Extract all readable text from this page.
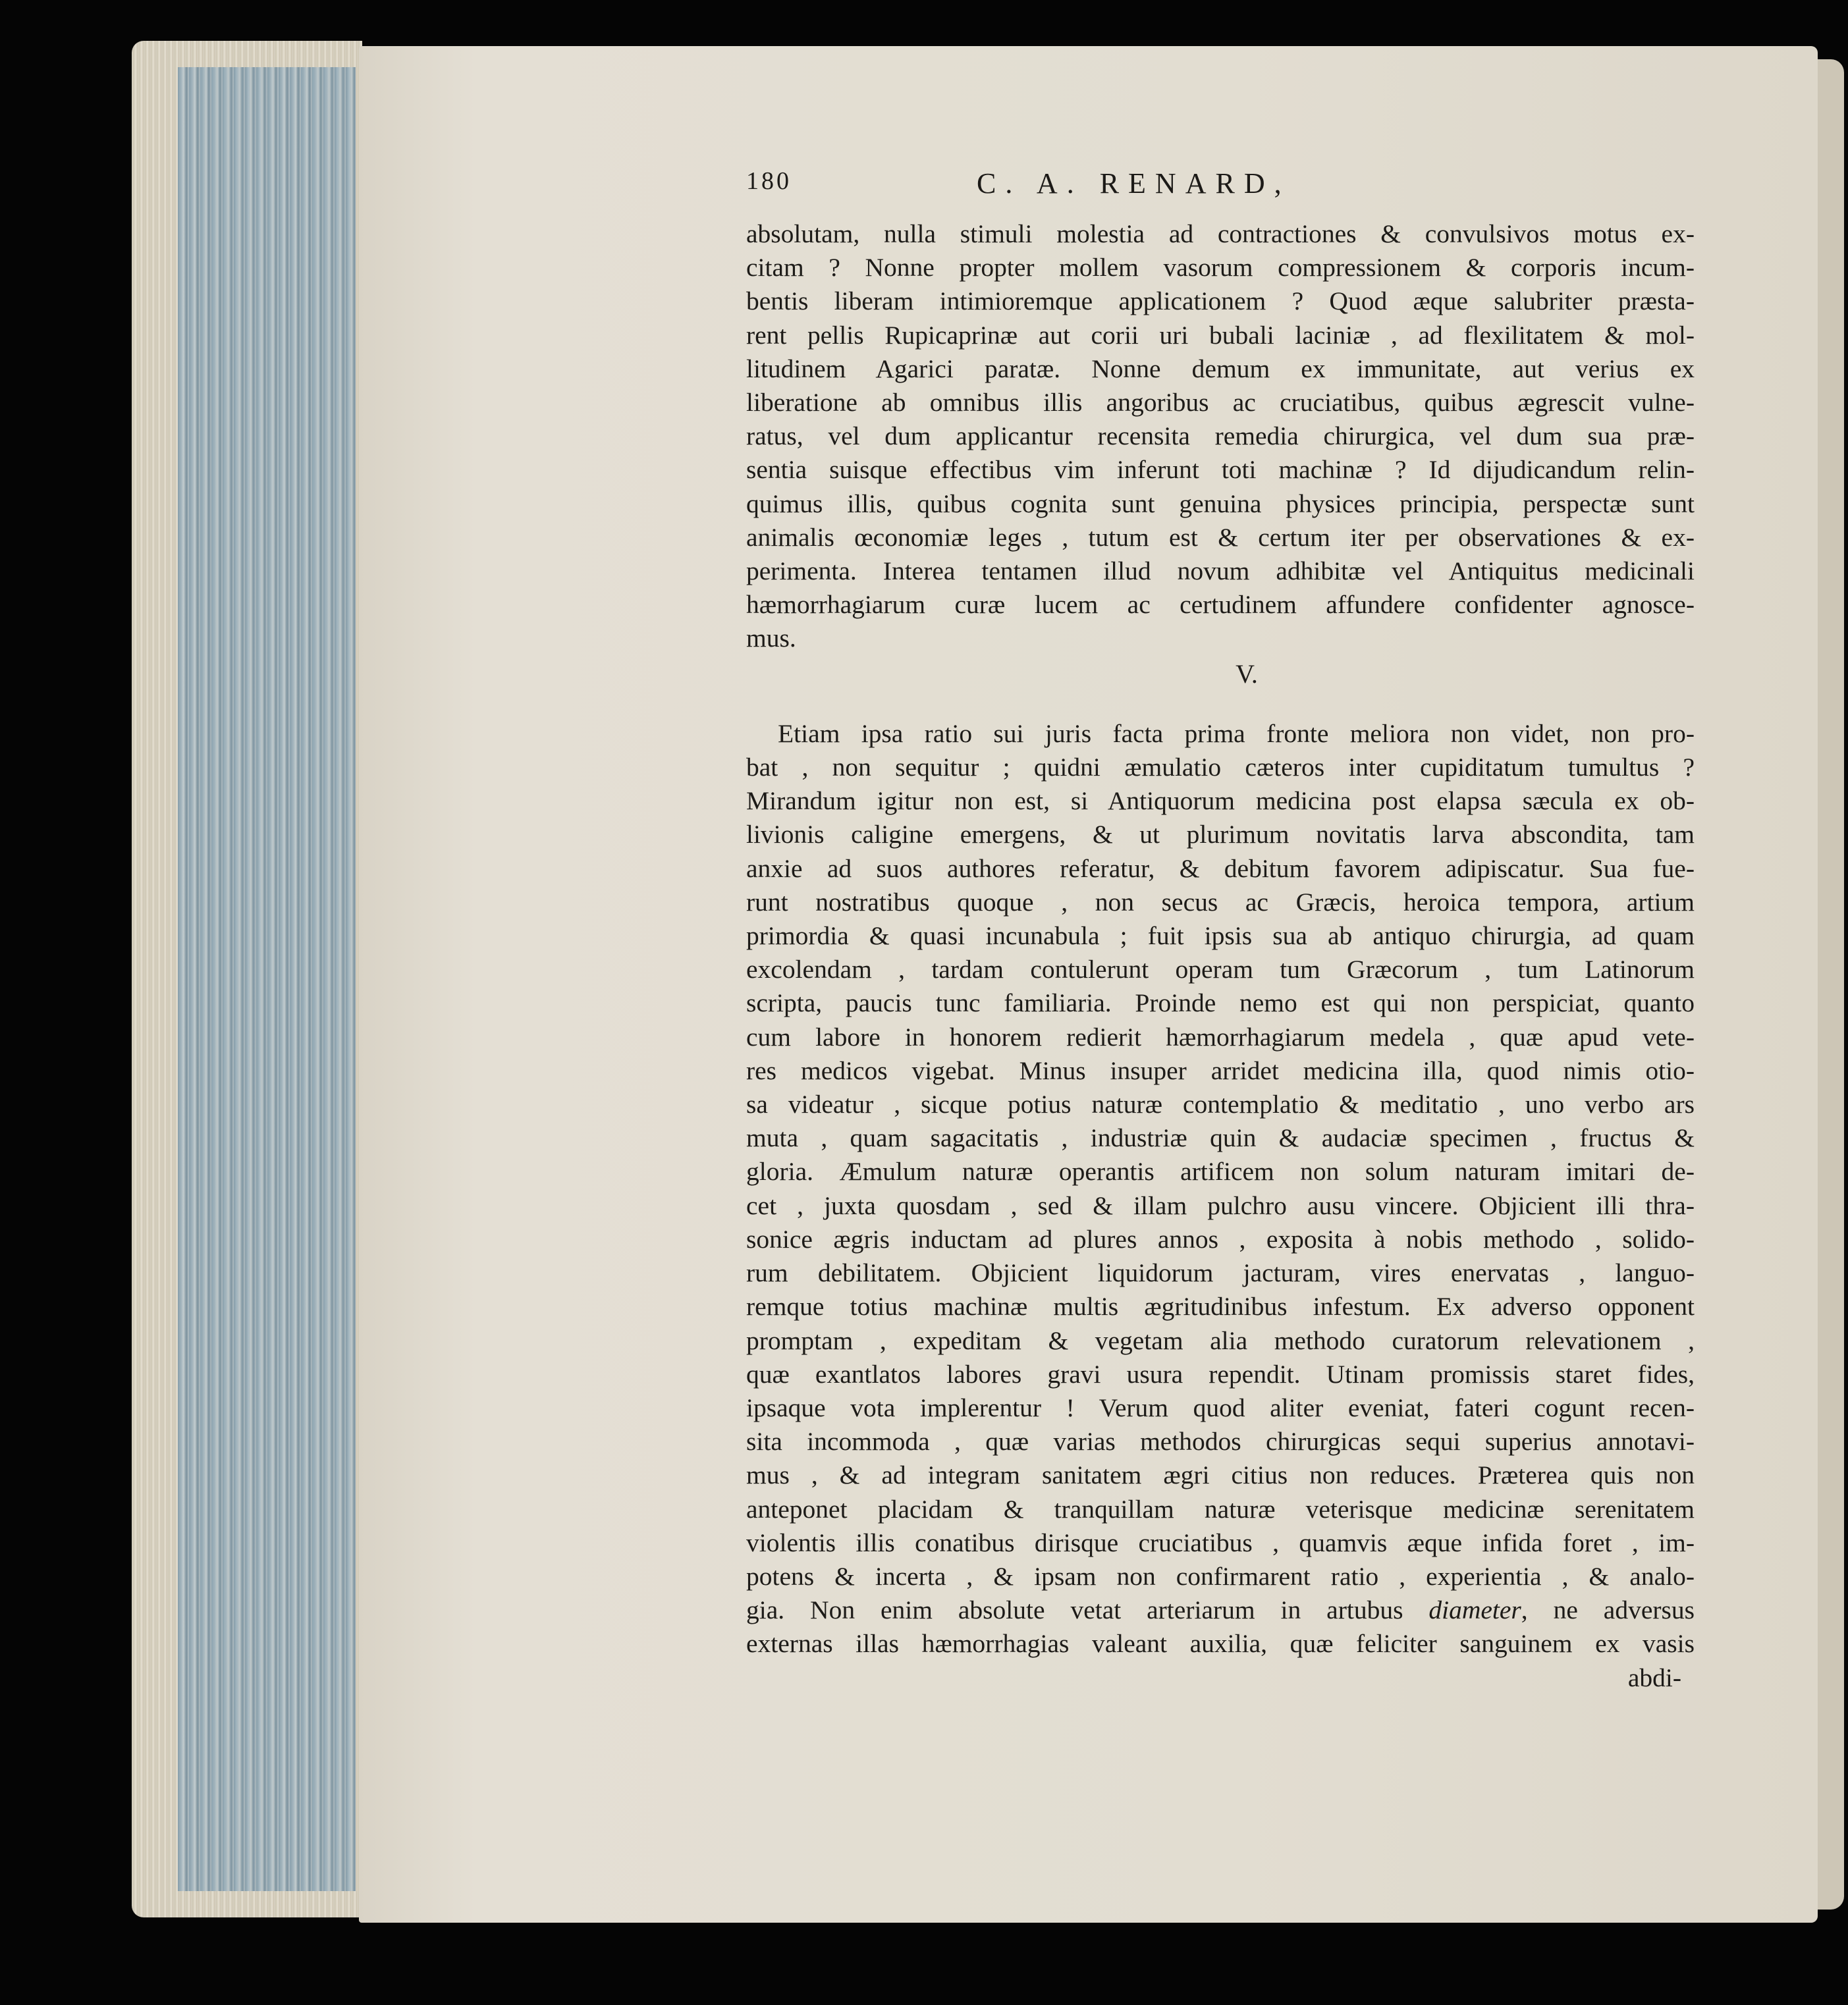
180	C. A. RENARD,
absolutam, nulla stimuli molestia ad contractiones & convulsivos motus ex-
citam ? Nonne propter mollem vasorum compressionem & corporis incum-
bentis liberam intimioremque applicationem ? Quod æque salubriter præsta-
rent pellis Rupicaprinæ aut corii uri bubali laciniæ , ad flexilitatem & mol-
litudinem Agarici paratæ. Nonne demum ex immunitate, aut verius ex
liberatione ab omnibus illis angoribus ac cruciatibus, quibus ægrescit vulne-
ratus, vel dum applicantur recensita remedia chirurgica, vel dum sua præ-
sentia suisque effectibus vim inferunt toti machinæ ? Id dijudicandum relin-
quimus illis, quibus cognita sunt genuina physices principia, perspectæ sunt
animalis œconomiæ leges , tutum est & certum iter per observationes & ex-
perimenta. Interea tentamen illud novum adhibitæ vel Antiquitus medicinali
hæmorrhagiarum curæ lucem ac certudinem affundere confidenter agnosce-
mus.
V.
Etiam ipsa ratio sui juris facta prima fronte meliora non videt, non pro-
bat , non sequitur ; quidni æmulatio cæteros inter cupiditatum tumultus ?
Mirandum igitur non est, si Antiquorum medicina post elapsa sæcula ex ob-
livionis caligine emergens, & ut plurimum novitatis larva abscondita, tam
anxie ad suos authores referatur, & debitum favorem adipiscatur. Sua fue-
runt nostratibus quoque , non secus ac Græcis, heroica tempora, artium
primordia & quasi incunabula ; fuit ipsis sua ab antiquo chirurgia, ad quam
excolendam , tardam contulerunt operam tum Græcorum , tum Latinorum
scripta, paucis tunc familiaria. Proinde nemo est qui non perspiciat, quanto
cum labore in honorem redierit hæmorrhagiarum medela , quæ apud vete-
res medicos vigebat. Minus insuper arridet medicina illa, quod nimis otio-
sa videatur , sicque potius naturæ contemplatio & meditatio , uno verbo ars
muta , quam sagacitatis , industriæ quin & audaciæ specimen , fructus &
gloria. Æmulum naturæ operantis artificem non solum naturam imitari de-
cet , juxta quosdam , sed & illam pulchro ausu vincere. Objicient illi thra-
sonice ægris inductam ad plures annos , exposita à nobis methodo , solido-
rum debilitatem. Objicient liquidorum jacturam, vires enervatas , languo-
remque totius machinæ multis ægritudinibus infestum. Ex adverso opponent
promptam , expeditam & vegetam alia methodo curatorum relevationem ,
quæ exantlatos labores gravi usura rependit. Utinam promissis staret fides,
ipsaque vota implerentur ! Verum quod aliter eveniat, fateri cogunt recen-
sita incommoda , quæ varias methodos chirurgicas sequi superius annotavi-
mus , & ad integram sanitatem ægri citius non reduces. Præterea quis non
anteponet placidam & tranquillam naturæ veterisque medicinæ serenitatem
violentis illis conatibus dirisque cruciatibus , quamvis æque infida foret , im-
potens & incerta , & ipsam non confirmarent ratio , experientia , & analo-
gia. Non enim absolute vetat arteriarum in artubus diameter, ne adversus
externas illas hæmorrhagias valeant auxilia, quæ feliciter sanguinem ex vasis
abdi-
